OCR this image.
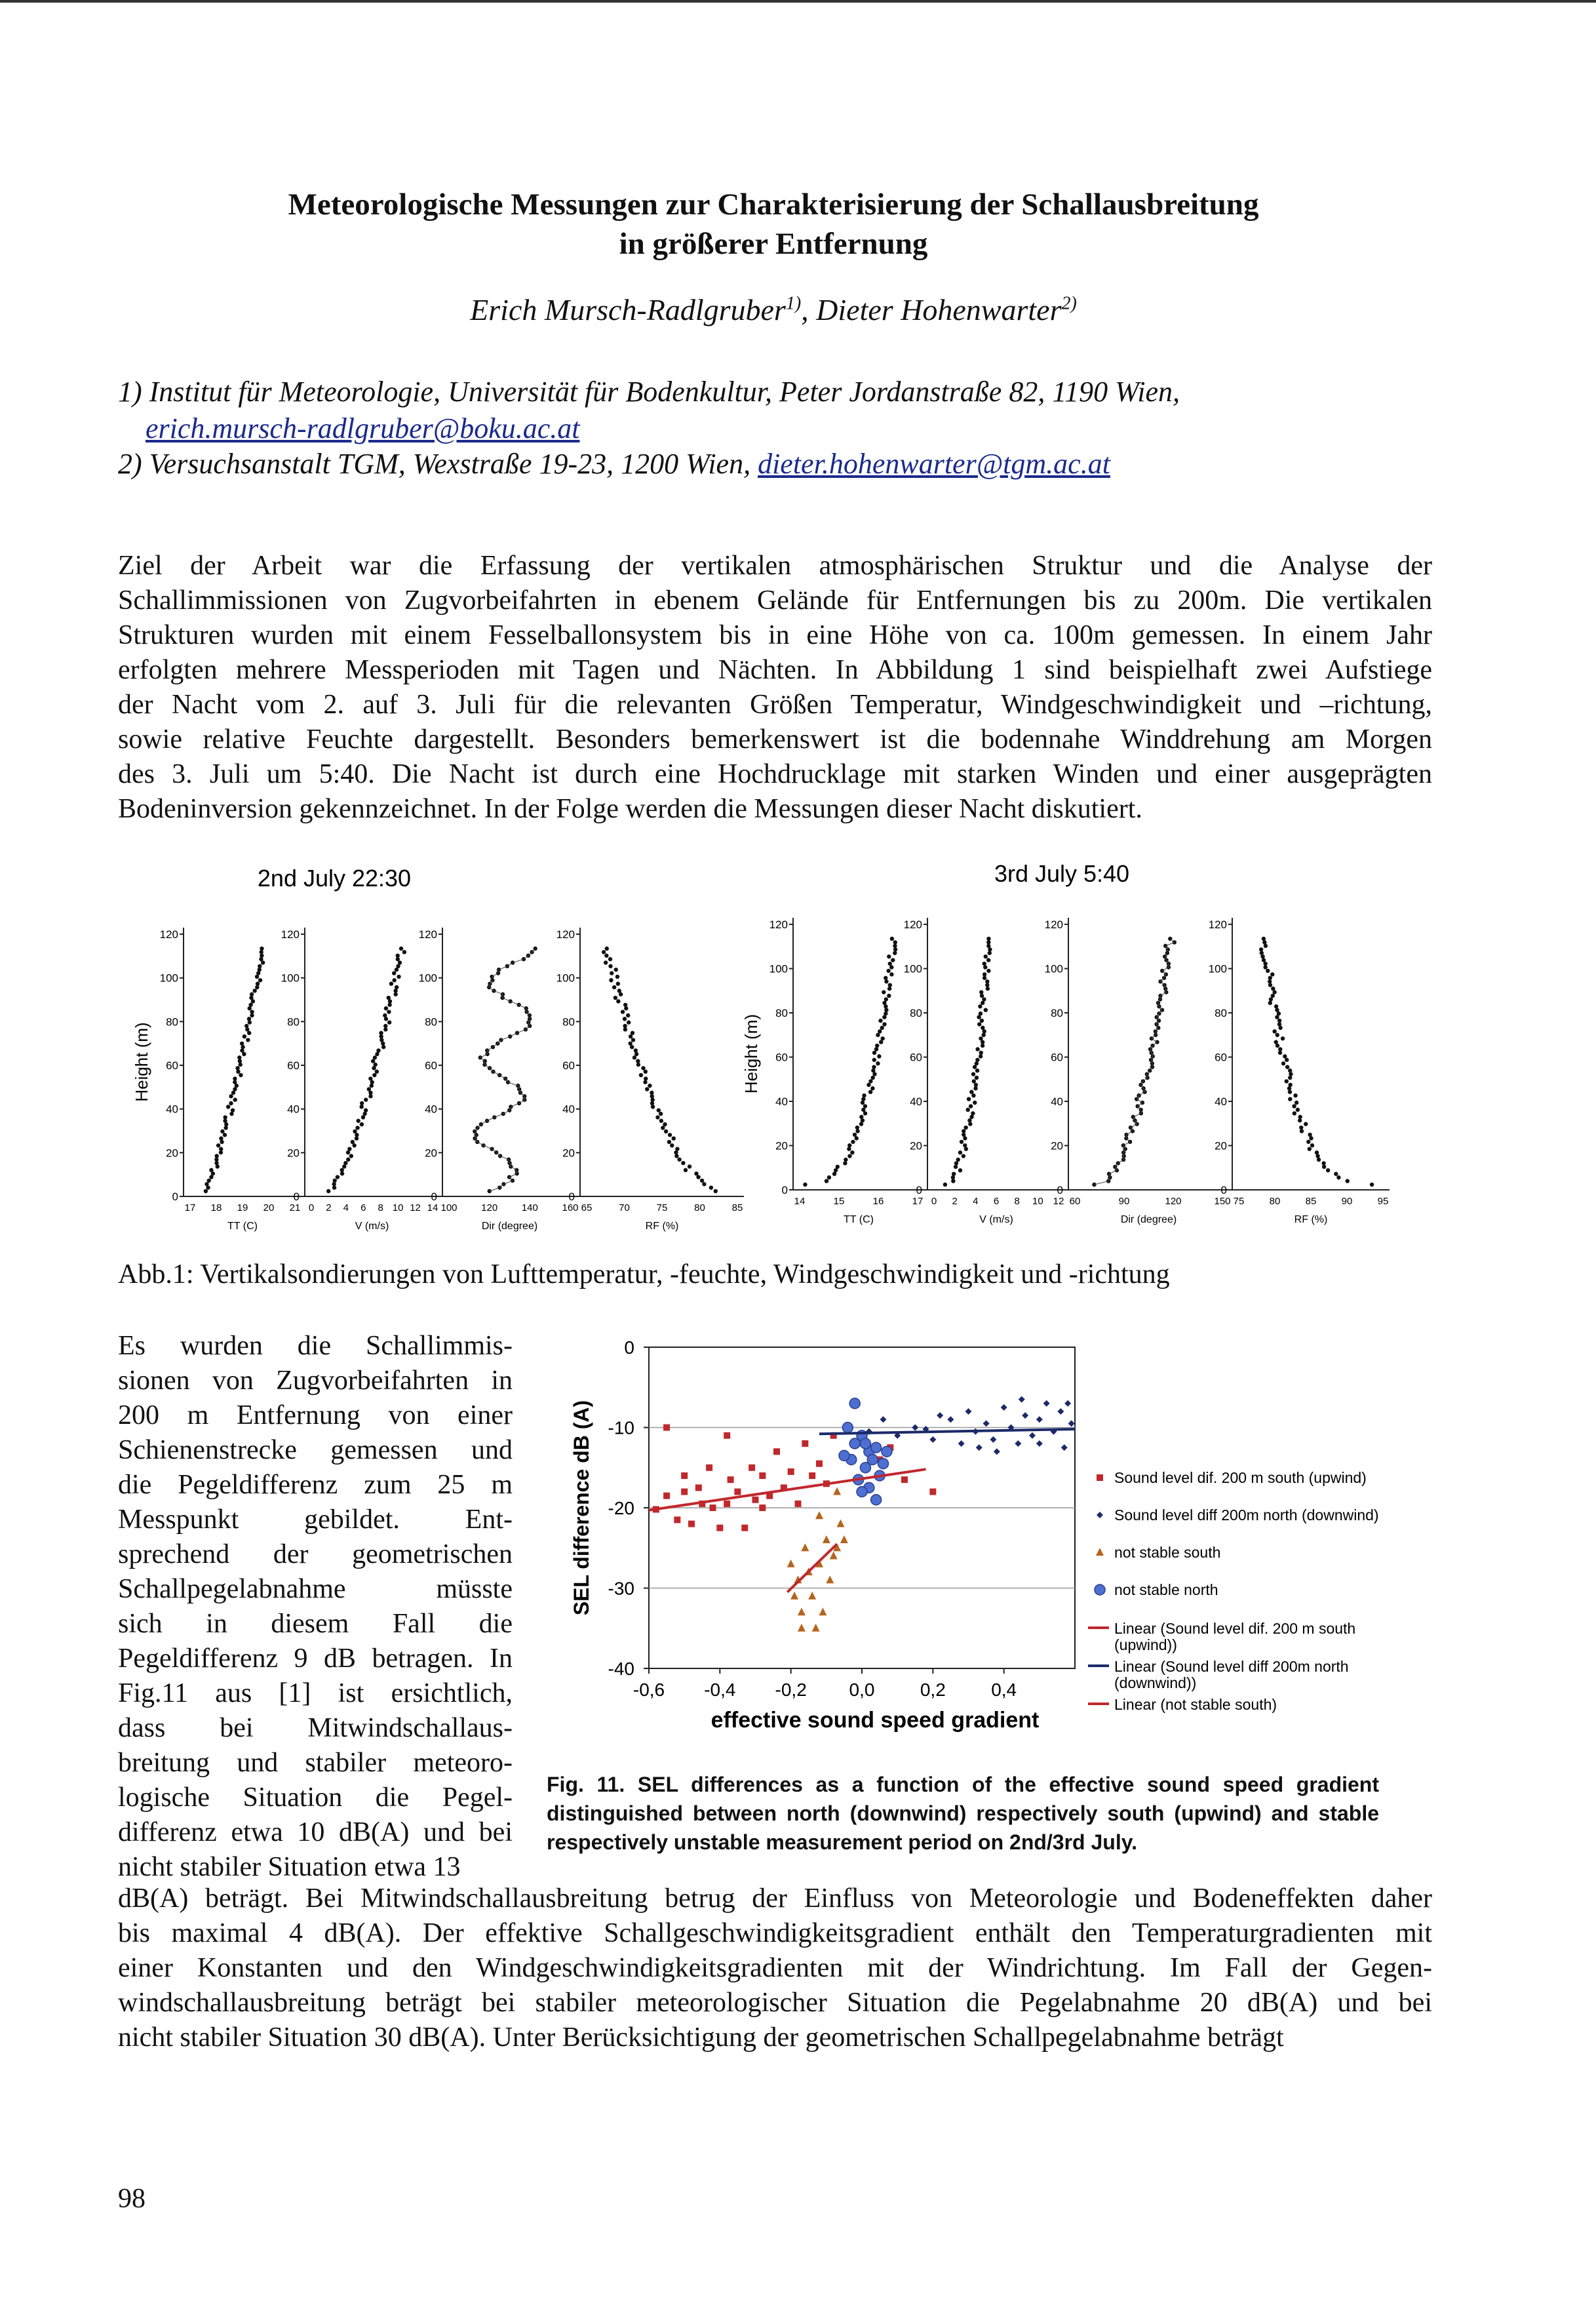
Meteorologische Messungen zur Charakterisierung der Schallausbreitung
in größerer Entfernung
Erich Mursch-Radlgruber$^{1)}$, Dieter Hohenwarter$^{2)}$
1) Institut für Meteorologie, Universität für Bodenkultur, Peter Jordanstraße 82, 1190 Wien,
erich.mursch-radlgruber@boku.ac.at
2) Versuchsanstalt TGM, Wexstraße 19-23, 1200 Wien, dieter.hohenwarter@tgm.ac.at
Ziel der Arbeit war die Erfassung der vertikalen atmosphärischen Struktur und die Analyse der
Schallimmissionen von Zugvorbeifahrten in ebenem Gelände für Entfernungen bis zu 200m. Die vertikalen
Strukturen wurden mit einem Fesselballonsystem bis in eine Höhe von ca. 100m gemessen. In einem Jahr
erfolgten mehrere Messperioden mit Tagen und Nächten. In Abbildung 1 sind beispielhaft zwei Aufstiege
der Nacht vom 2. auf 3. Juli für die relevanten Größen Temperatur, Windgeschwindigkeit und –richtung,
sowie relative Feuchte dargestellt. Besonders bemerkenswert ist die bodennahe Winddrehung am Morgen
des 3. Juli um 5:40. Die Nacht ist durch eine Hochdrucklage mit starken Winden und einer ausgeprägten
Bodeninversion gekennzeichnet. In der Folge werden die Messungen dieser Nacht diskutiert.
2nd July 22:30	3rd July 5:40
0
20
40
60
80
100
120
17 18 19 20 21
TT (C)
Height (m)
0
20
40
60
80
100
120
0 2 4 6 8 10 12 14
V (m/s)
0
20
40
60
80
100
120
100 120 140 160
Dir (degree)
0
20
40
60
80
100
120
65	70	75	80	85
RF (%)
0
20
40
60
80
100
120
14	15	16	17
TT (C)
Height (m)
0
20
40
60
80
100
120
0 2 4 6 8 10 12
V (m/s)
0
20
40
60
80
100
120
60	90	120	150
Dir (degree)
0
20
40
60
80
100
120
75	80	85	90	95
RF (%)
Abb.1: Vertikalsondierungen von Lufttemperatur, -feuchte, Windgeschwindigkeit und -richtung
Es wurden die Schallimmis-
sionen von Zugvorbeifahrten in
200 m Entfernung von einer
Schienenstrecke gemessen und
die Pegeldifferenz zum 25 m
Messpunkt gebildet. Ent-
sprechend der geometrischen
Schallpegelabnahme müsste
sich in diesem Fall die
Pegeldifferenz 9 dB betragen. In
Fig.11 aus [1] ist ersichtlich,
dass bei Mitwindschallaus-
breitung und stabiler meteoro-
logische Situation die Pegel-
differenz etwa 10 dB(A) und bei
nicht stabiler Situation etwa 13
0
-10
-20
-30
-40
-0,6 -0,4 -0,2 0,0 0,2 0,4
effective sound speed gradient
SEL difference dB (A)	Sound level dif. 200 m south (upwind)
Sound level diff 200m north (downwind)
not stable south
not stable north
Linear (Sound level dif. 200 m south (upwind))
Linear (Sound level diff 200m north (downwind))
Linear (not stable south)
Fig. 11. SEL differences as a function of the effective sound speed gradient
distinguished between north (downwind) respectively south (upwind) and stable
respectively unstable measurement period on 2nd/3rd July.
dB(A) beträgt. Bei Mitwindschallausbreitung betrug der Einfluss von Meteorologie und Bodeneffekten daher
bis maximal 4 dB(A). Der effektive Schallgeschwindigkeitsgradient enthält den Temperaturgradienten mit
einer Konstanten und den Windgeschwindigkeitsgradienten mit der Windrichtung. Im Fall der Gegen-
windschallausbreitung beträgt bei stabiler meteorologischer Situation die Pegelabnahme 20 dB(A) und bei
nicht stabiler Situation 30 dB(A). Unter Berücksichtigung der geometrischen Schallpegelabnahme beträgt
98
